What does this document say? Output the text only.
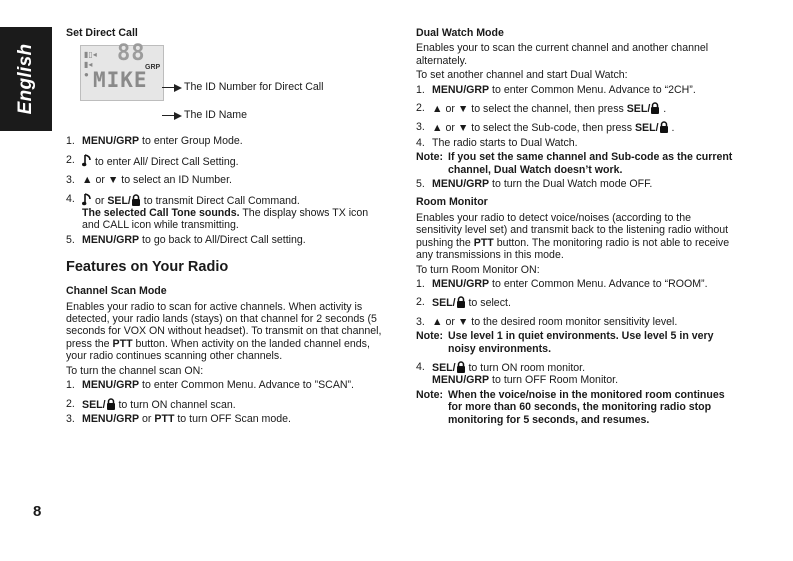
English
Set Direct Call
▮▯◂
▮◂
●
88
GRP
MIKE	The ID Number for Direct Call
The ID Name
1. MENU/GRP to enter Group Mode.
2.	to enter All/ Direct Call Setting.
3. ▲ or ▼ to select an ID Number.
4.	or SEL/ to transmit Direct Call Command.
The selected Call Tone sounds. The display shows TX icon and CALL icon while transmitting.
5. MENU/GRP to go back to All/Direct Call setting.
Features on Your Radio
Channel Scan Mode

Enables your radio to scan for active channels. When activity is detected, your radio lands (stays) on that channel for 2 seconds (5 seconds for VOX ON without headset). To transmit on that channel, press the PTT button. When activity on the landed channel ends, your radio continues scanning other channels.

To turn the channel scan ON:

1. MENU/GRP to enter Common Menu. Advance to ”SCAN”.
2. SEL/ to turn ON channel scan.
3. MENU/GRP or PTT to turn OFF Scan mode.
Dual Watch Mode

Enables your to scan the current channel and another channel alternately.

To set another channel and start Dual Watch:

1. MENU/GRP to enter Common Menu. Advance to “2CH”.
2. ▲ or ▼ to select the channel, then press SEL/ .
3. ▲ or ▼ to select the Sub-code, then press SEL/ .
4. The radio starts to Dual Watch.
Note: If you set the same channel and Sub-code as the current channel, Dual Watch doesn’t work.
5. MENU/GRP to turn the Dual Watch mode OFF.
Room Monitor

Enables your radio to detect voice/noises (according to the sensitivity level set) and transmit back to the listening radio without pushing the PTT button. The monitoring radio is not able to receive any transmissions in this mode.

To turn Room Monitor ON:

1. MENU/GRP to enter Common Menu. Advance to “ROOM”.
2. SEL/ to select.
3. ▲ or ▼ to the desired room monitor sensitivity level.
Note: Use level 1 in quiet environments. Use level 5 in very noisy environments.
4. SEL/ to turn ON room monitor.
MENU/GRP to turn OFF Room Monitor.
Note: When the voice/noise in the monitored room continues for more than 60 seconds, the monitoring radio stop monitoring for 5 seconds, and resumes.
8
